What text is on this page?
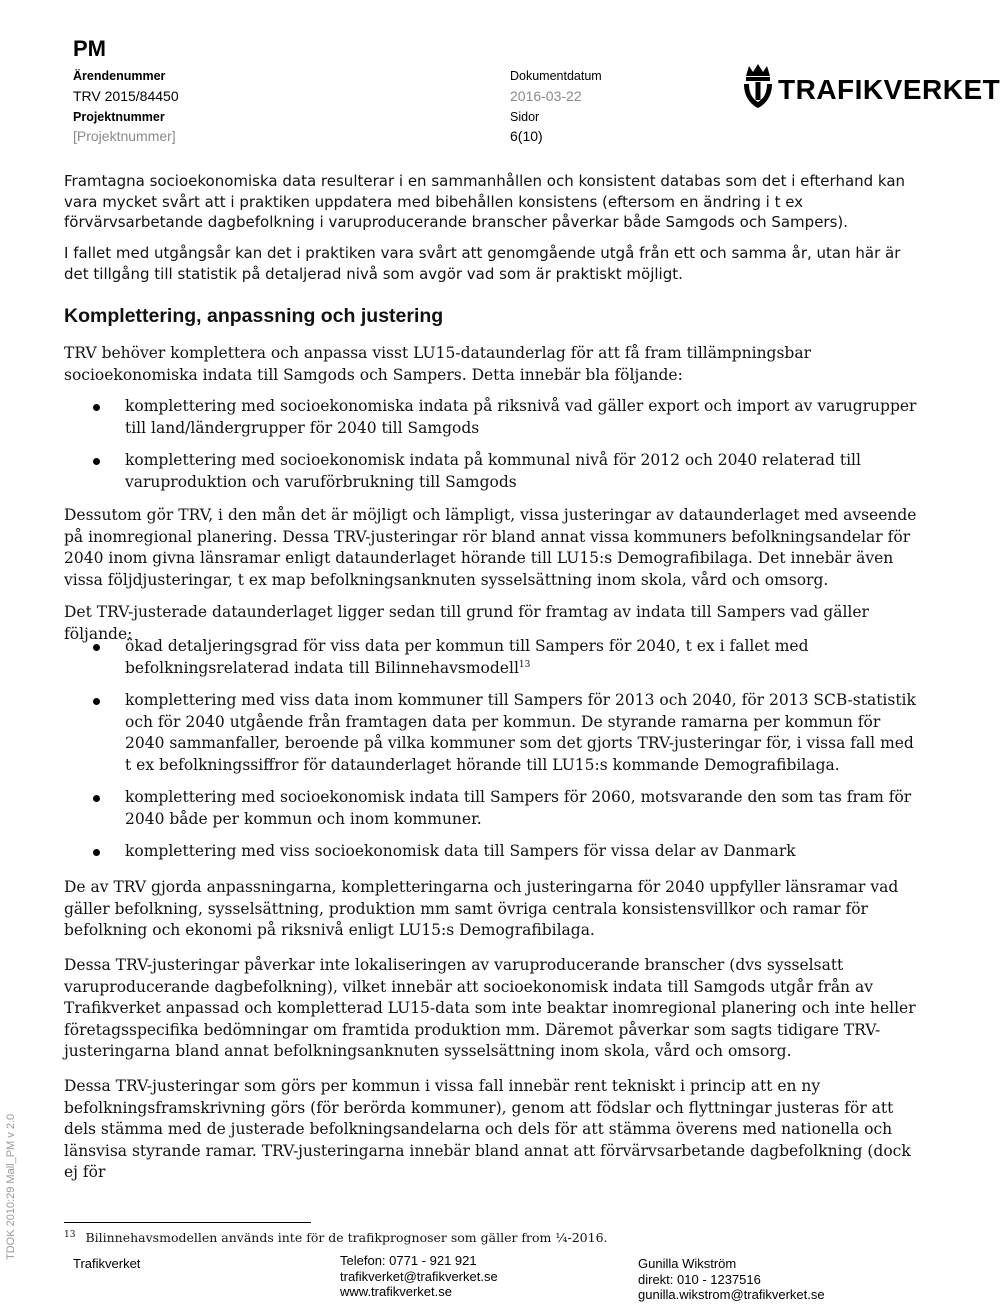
PM
Ärendenummer
TRV 2015/84450
Projektnummer
[Projektnummer]
Dokumentdatum
2016-03-22
Sidor
6(10)
TRAFIKVERKET

Framtagna socioekonomiska data resulterar i en sammanhållen och konsistent databas som det i efterhand kan vara mycket svårt att i praktiken uppdatera med bibehållen konsistens (eftersom en ändring i t ex förvärvsarbetande dagbefolkning i varuproducerande branscher påverkar både Samgods och Sampers).

I fallet med utgångsår kan det i praktiken vara svårt att genomgående utgå från ett och samma år, utan här är det tillgång till statistik på detaljerad nivå som avgör vad som är praktiskt möjligt.

Komplettering, anpassning och justering

TRV behöver komplettera och anpassa visst LU15-dataunderlag för att få fram tillämpningsbar socioekonomiska indata till Samgods och Sampers. Detta innebär bla följande:

komplettering med socioekonomiska indata på riksnivå vad gäller export och import av varugrupper till land/ländergrupper för 2040 till Samgods
komplettering med socioekonomisk indata på kommunal nivå för 2012 och 2040 relaterad till varuproduktion och varuförbrukning till Samgods

Dessutom gör TRV, i den mån det är möjligt och lämpligt, vissa justeringar av dataunderlaget med avseende på inomregional planering. Dessa TRV-justeringar rör bland annat vissa kommuners befolkningsandelar för 2040 inom givna länsramar enligt dataunderlaget hörande till LU15:s Demografibilaga. Det innebär även vissa följdjusteringar, t ex map befolkningsanknuten sysselsättning inom skola, vård och omsorg.

Det TRV-justerade dataunderlaget ligger sedan till grund för framtag av indata till Sampers vad gäller följande:

ökad detaljeringsgrad för viss data per kommun till Sampers för 2040, t ex i fallet med befolkningsrelaterad indata till Bilinnehavsmodell$^{13}$
komplettering med viss data inom kommuner till Sampers för 2013 och 2040, för 2013 SCB-statistik och för 2040 utgående från framtagen data per kommun. De styrande ramarna per kommun för 2040 sammanfaller, beroende på vilka kommuner som det gjorts TRV-justeringar för, i vissa fall med t ex befolkningssiffror för dataunderlaget hörande till LU15:s kommande Demografibilaga.
komplettering med socioekonomisk indata till Sampers för 2060, motsvarande den som tas fram för 2040 både per kommun och inom kommuner.
komplettering med viss socioekonomisk data till Sampers för vissa delar av Danmark

De av TRV gjorda anpassningarna, kompletteringarna och justeringarna för 2040 uppfyller länsramar vad gäller befolkning, sysselsättning, produktion mm samt övriga centrala konsistensvillkor och ramar för befolkning och ekonomi på riksnivå enligt LU15:s Demografibilaga.

Dessa TRV-justeringar påverkar inte lokaliseringen av varuproducerande branscher (dvs sysselsatt varuproducerande dagbefolkning), vilket innebär att socioekonomisk indata till Samgods utgår från av Trafikverket anpassad och kompletterad LU15-data som inte beaktar inomregional planering och inte heller företagsspecifika bedömningar om framtida produktion mm. Däremot påverkar som sagts tidigare TRV-justeringarna bland annat befolkningsanknuten sysselsättning inom skola, vård och omsorg.

Dessa TRV-justeringar som görs per kommun i vissa fall innebär rent tekniskt i princip att en ny befolkningsframskrivning görs (för berörda kommuner), genom att födslar och flyttningar justeras för att dels stämma med de justerade befolkningsandelarna och dels för att stämma överens med nationella och länsvisa styrande ramar. TRV-justeringarna innebär bland annat att förvärvsarbetande dagbefolkning (dock ej för

TDOK 2010:29 Mall_PM v 2.0	$^{13}$ Bilinnehavsmodellen används inte för de trafikprognoser som gäller from ¼-2016.
Trafikverket	Telefon: 0771 - 921 921
trafikverket@trafikverket.se
www.trafikverket.se
Gunilla Wikström
direkt: 010 - 1237516
gunilla.wikstrom@trafikverket.se
